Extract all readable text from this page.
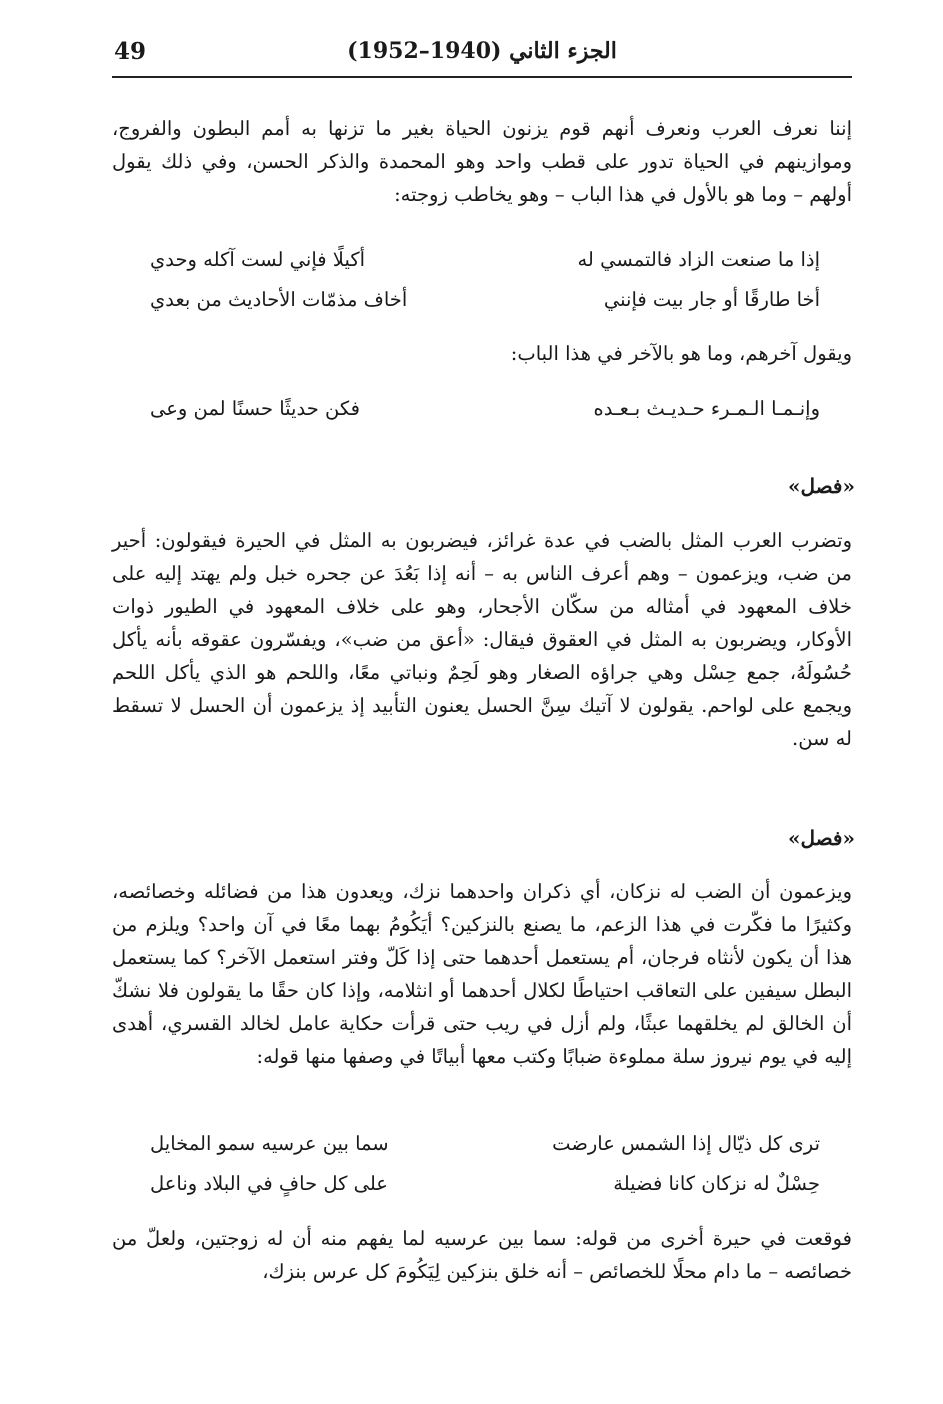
49	الجزء الثاني (1940–1952)

إننا نعرف العرب ونعرف أنهم قوم يزنون الحياة بغير ما تزنها به أمم البطون والفروج، وموازينهم في الحياة تدور على قطب واحد وهو المحمدة والذكر الحسن، وفي ذلك يقول أولهم – وما هو بالأول في هذا الباب – وهو يخاطب زوجته:

إذا ما صنعت الزاد فالتمسي له
أكيلًا فإني لست آكله وحدي
أخا طارقًا أو جار بيت فإنني
أخاف مذمّات الأحاديث من بعدي

ويقول آخرهم، وما هو بالآخر في هذا الباب:

وإنـمـا الـمـرء حـديـث بـعـده
فكن حديثًا حسنًا لمن وعى
«فصل»

وتضرب العرب المثل بالضب في عدة غرائز، فيضربون به المثل في الحيرة فيقولون: أحير من ضب، ويزعمون – وهم أعرف الناس به – أنه إذا بَعُدَ عن جحره خبل ولم يهتد إليه على خلاف المعهود في أمثاله من سكّان الأجحار، وهو على خلاف المعهود في الطيور ذوات الأوكار، ويضربون به المثل في العقوق فيقال: «أعق من ضب»، ويفسّرون عقوقه بأنه يأكل حُسُولَهُ، جمع حِسْل وهي جراؤه الصغار وهو لَحِمٌ ونباتي معًا، واللحم هو الذي يأكل اللحم ويجمع على لواحم. يقولون لا آتيك سِنَّ الحسل يعنون التأبيد إذ يزعمون أن الحسل لا تسقط له سن.

«فصل»

ويزعمون أن الضب له نزكان، أي ذكران واحدهما نزك، ويعدون هذا من فضائله وخصائصه، وكثيرًا ما فكّرت في هذا الزعم، ما يصنع بالنزكين؟ أيَكُومُ بهما معًا في آن واحد؟ ويلزم من هذا أن يكون لأنثاه فرجان، أم يستعمل أحدهما حتى إذا كَلّ وفتر استعمل الآخر؟ كما يستعمل البطل سيفين على التعاقب احتياطًا لكلال أحدهما أو انثلامه، وإذا كان حقًا ما يقولون فلا نشكّ أن الخالق لم يخلقهما عبثًا، ولم أزل في ريب حتى قرأت حكاية عامل لخالد القسري، أهدى إليه في يوم نيروز سلة مملوءة ضبابًا وكتب معها أبياتًا في وصفها منها قوله:

ترى كل ذيّال إذا الشمس عارضت
سما بين عرسيه سمو المخايل
حِسْلٌ له نزكان كانا فضيلة
على كل حافٍ في البلاد وناعل

فوقعت في حيرة أخرى من قوله: سما بين عرسيه لما يفهم منه أن له زوجتين، ولعلّ من خصائصه – ما دام محلًا للخصائص – أنه خلق بنزكين لِيَكُومَ كل عرس بنزك،
